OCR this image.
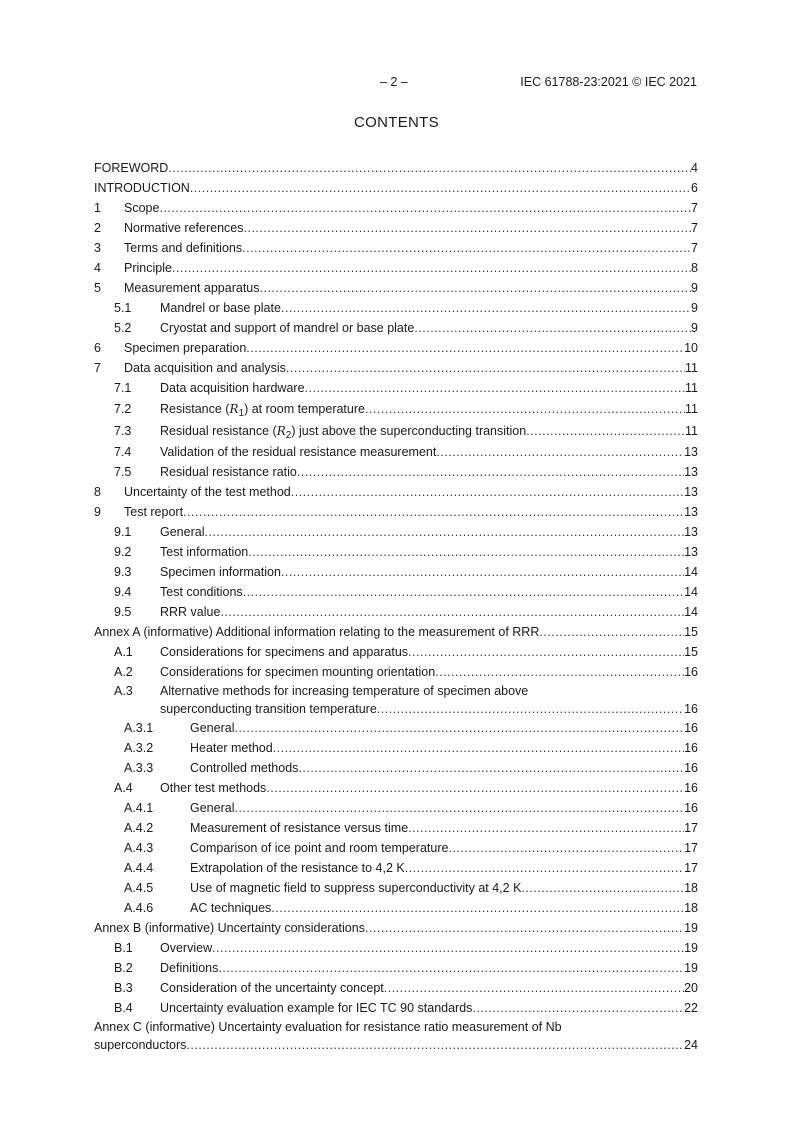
– 2 –	IEC 61788-23:2021 © IEC 2021
CONTENTS
FOREWORD .....	4
INTRODUCTION .....	6
1	Scope .....	7
2	Normative references .....	7
3	Terms and definitions .....	7
4	Principle .....	8
5	Measurement apparatus .....	9
5.1	Mandrel or base plate .....	9
5.2	Cryostat and support of mandrel or base plate .....	9
6	Specimen preparation .....	10
7	Data acquisition and analysis .....	11
7.1	Data acquisition hardware .....	11
7.2	Resistance $(R_1)$ at room temperature .....	11
7.3	Residual resistance $(R_2)$ just above the superconducting transition .....	11
7.4	Validation of the residual resistance measurement .....	13
7.5	Residual resistance ratio .....	13
8	Uncertainty of the test method .....	13
9	Test report .....	13
9.1	General .....	13
9.2	Test information .....	13
9.3	Specimen information .....	14
9.4	Test conditions .....	14
9.5	RRR value .....	14
Annex A (informative) Additional information relating to the measurement of RRR .....	15
A.1	Considerations for specimens and apparatus .....	15
A.2	Considerations for specimen mounting orientation .....	16
A.3	Alternative methods for increasing temperature of specimen above
superconducting transition temperature .....	16
A.3.1	General .....	16
A.3.2	Heater method .....	16
A.3.3	Controlled methods .....	16
A.4	Other test methods .....	16
A.4.1	General .....	16
A.4.2	Measurement of resistance versus time .....	17
A.4.3	Comparison of ice point and room temperature .....	17
A.4.4	Extrapolation of the resistance to 4,2 K .....	17
A.4.5	Use of magnetic field to suppress superconductivity at 4,2 K .....	18
A.4.6	AC techniques .....	18
Annex B (informative) Uncertainty considerations .....	19
B.1	Overview .....	19
B.2	Definitions .....	19
B.3	Consideration of the uncertainty concept .....	20
B.4	Uncertainty evaluation example for IEC TC 90 standards .....	22
Annex C (informative) Uncertainty evaluation for resistance ratio measurement of Nb
superconductors .....	24
